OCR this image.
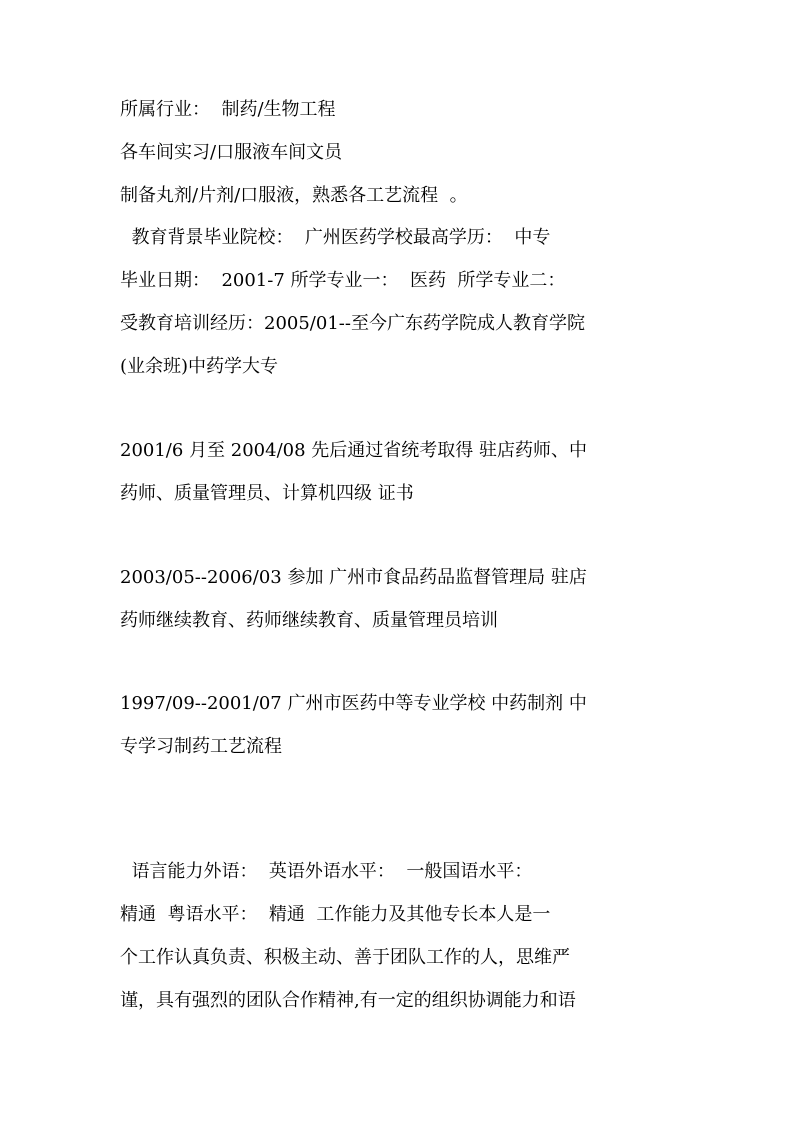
所属行业：  制药/生物工程
各车间实习/口服液车间文员
制备丸剂/片剂/口服液，熟悉各工艺流程  。
教育背景毕业院校：  广州医药学校最高学历：  中专
毕业日期：  2001-7 所学专业一：  医药  所学专业二：
受教育培训经历：2005/01--至今广东药学院成人教育学院
(业余班)中药学大专
2001/6 月至 2004/08 先后通过省统考取得 驻店药师、中
药师、质量管理员、计算机四级 证书
2003/05--2006/03 参加 广州市食品药品监督管理局 驻店
药师继续教育、药师继续教育、质量管理员培训
1997/09--2001/07 广州市医药中等专业学校 中药制剂 中
专学习制药工艺流程
语言能力外语：  英语外语水平：  一般国语水平：
精通  粤语水平：  精通  工作能力及其他专长本人是一
个工作认真负责、积极主动、善于团队工作的人，思维严
谨，具有强烈的团队合作精神,有一定的组织协调能力和语
